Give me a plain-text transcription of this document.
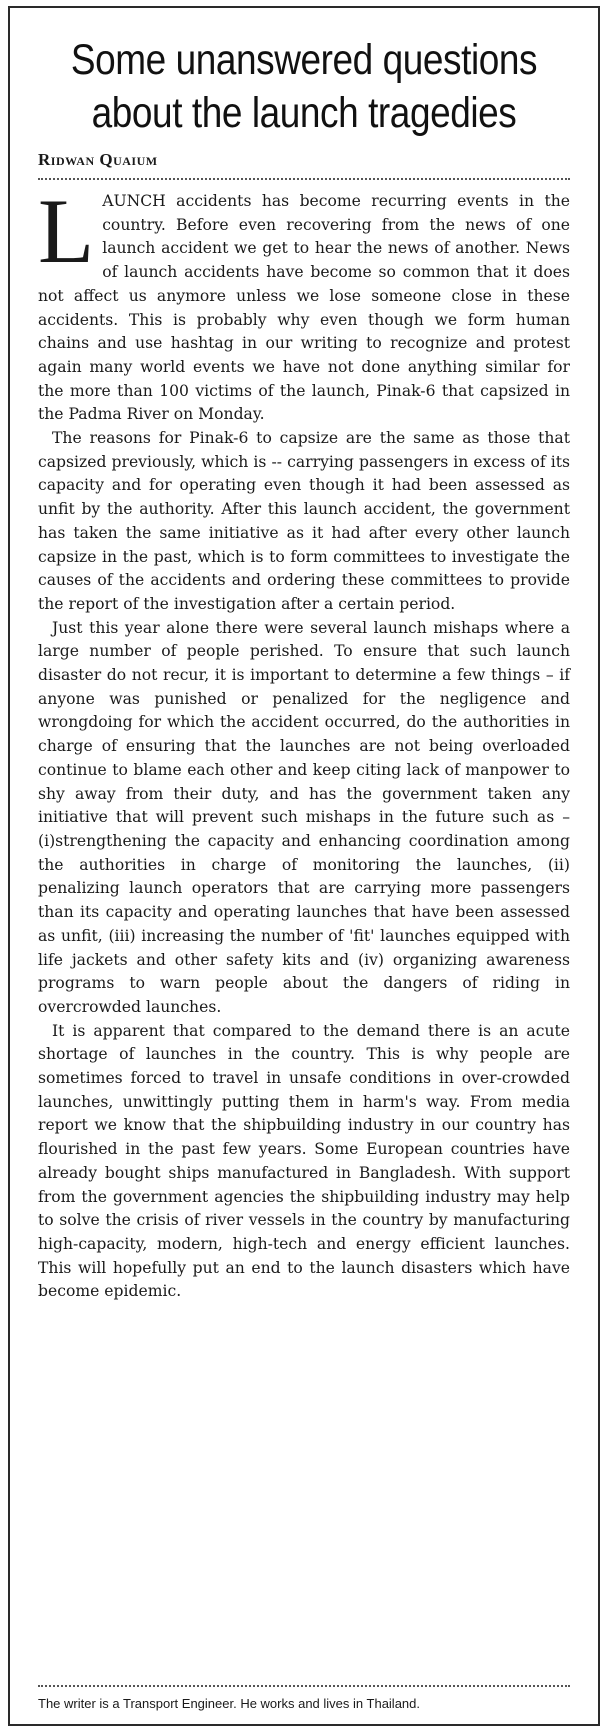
Some unanswered questions
about the launch tragedies
Ridwan Quaium

LAUNCH accidents has become recurring events in the country. Before even recovering from the news of one launch accident we get to hear the news of another. News of launch accidents have become so common that it does not affect us anymore unless we lose someone close in these accidents. This is probably why even though we form human chains and use hashtag in our writing to recognize and protest again many world events we have not done anything similar for the more than 100 victims of the launch, Pinak-6 that capsized in the Padma River on Monday.

The reasons for Pinak-6 to capsize are the same as those that capsized previously, which is -- carrying passengers in excess of its capacity and for operating even though it had been assessed as unfit by the authority. After this launch accident, the government has taken the same initiative as it had after every other launch capsize in the past, which is to form committees to investigate the causes of the accidents and ordering these committees to provide the report of the investigation after a certain period.

Just this year alone there were several launch mishaps where a large number of people perished. To ensure that such launch disaster do not recur, it is important to determine a few things – if anyone was punished or penalized for the negligence and wrongdoing for which the accident occurred, do the authorities in charge of ensuring that the launches are not being overloaded continue to blame each other and keep citing lack of manpower to shy away from their duty, and has the government taken any initiative that will prevent such mishaps in the future such as – (i)strengthening the capacity and enhancing coordination among the authorities in charge of monitoring the launches, (ii) penalizing launch operators that are carrying more passengers than its capacity and operating launches that have been assessed as unfit, (iii) increasing the number of 'fit' launches equipped with life jackets and other safety kits and (iv) organizing awareness programs to warn people about the dangers of riding in overcrowded launches.

It is apparent that compared to the demand there is an acute shortage of launches in the country. This is why people are sometimes forced to travel in unsafe conditions in over-crowded launches, unwittingly putting them in harm's way. From media report we know that the shipbuilding industry in our country has flourished in the past few years. Some European countries have already bought ships manufactured in Bangladesh. With support from the government agencies the shipbuilding industry may help to solve the crisis of river vessels in the country by manufacturing high-capacity, modern, high-tech and energy efficient launches. This will hopefully put an end to the launch disasters which have become epidemic.

The writer is a Transport Engineer. He works and lives in Thailand.
